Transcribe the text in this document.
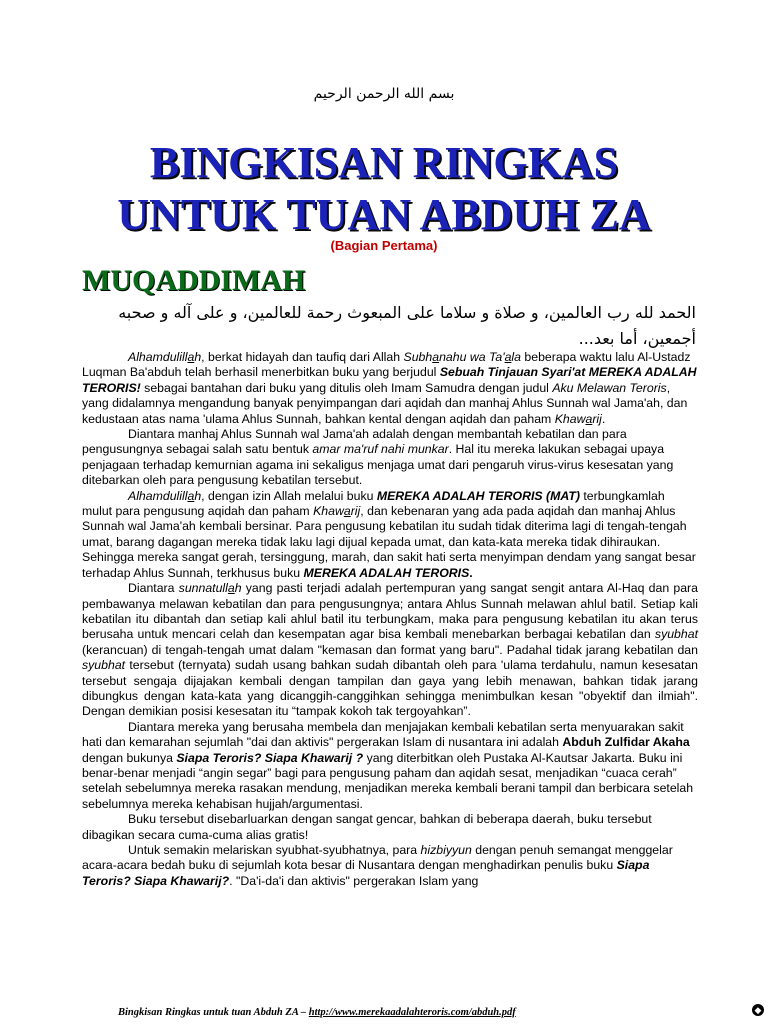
بسم الله الرحمن الرحيم
BINGKISAN RINGKAS
UNTUK TUAN ABDUH ZA
(Bagian Pertama)
MUQADDIMAH
الحمد لله رب العالمين، و صلاة و سلاما على المبعوث رحمة للعالمين، و على آله و صحبه أجمعين، أما بعد...

Alhamdulillah, berkat hidayah dan taufiq dari Allah Subhanahu wa Ta'ala beberapa waktu lalu Al-Ustadz Luqman Ba'abduh telah berhasil menerbitkan buku yang berjudul Sebuah Tinjauan Syari'at MEREKA ADALAH TERORIS! sebagai bantahan dari buku yang ditulis oleh Imam Samudra dengan judul Aku Melawan Teroris, yang didalamnya mengandung banyak penyimpangan dari aqidah dan manhaj Ahlus Sunnah wal Jama'ah, dan kedustaan atas nama 'ulama Ahlus Sunnah, bahkan kental dengan aqidah dan paham Khawarij.

Diantara manhaj Ahlus Sunnah wal Jama'ah adalah dengan membantah kebatilan dan para pengusungnya sebagai salah satu bentuk amar ma'ruf nahi munkar. Hal itu mereka lakukan sebagai upaya penjagaan terhadap kemurnian agama ini sekaligus menjaga umat dari pengaruh virus-virus kesesatan yang ditebarkan oleh para pengusung kebatilan tersebut.

Alhamdulillah, dengan izin Allah melalui buku MEREKA ADALAH TERORIS (MAT) terbungkamlah mulut para pengusung aqidah dan paham Khawarij, dan kebenaran yang ada pada aqidah dan manhaj Ahlus Sunnah wal Jama'ah kembali bersinar. Para pengusung kebatilan itu sudah tidak diterima lagi di tengah-tengah umat, barang dagangan mereka tidak laku lagi dijual kepada umat, dan kata-kata mereka tidak dihiraukan. Sehingga mereka sangat gerah, tersinggung, marah, dan sakit hati serta menyimpan dendam yang sangat besar terhadap Ahlus Sunnah, terkhusus buku MEREKA ADALAH TERORIS.

Diantara sunnatullah yang pasti terjadi adalah pertempuran yang sangat sengit antara Al-Haq dan para pembawanya melawan kebatilan dan para pengusungnya; antara Ahlus Sunnah melawan ahlul batil. Setiap kali kebatilan itu dibantah dan setiap kali ahlul batil itu terbungkam, maka para pengusung kebatilan itu akan terus berusaha untuk mencari celah dan kesempatan agar bisa kembali menebarkan berbagai kebatilan dan syubhat (kerancuan) di tengah-tengah umat dalam "kemasan dan format yang baru". Padahal tidak jarang kebatilan dan syubhat tersebut (ternyata) sudah usang bahkan sudah dibantah oleh para 'ulama terdahulu, namun kesesatan tersebut sengaja dijajakan kembali dengan tampilan dan gaya yang lebih menawan, bahkan tidak jarang dibungkus dengan kata-kata yang dicanggih-canggihkan sehingga menimbulkan kesan "obyektif dan ilmiah". Dengan demikian posisi kesesatan itu “tampak kokoh tak tergoyahkan”.

Diantara mereka yang berusaha membela dan menjajakan kembali kebatilan serta menyuarakan sakit hati dan kemarahan sejumlah "dai dan aktivis" pergerakan Islam di nusantara ini adalah Abduh Zulfidar Akaha dengan bukunya Siapa Teroris? Siapa Khawarij ? yang diterbitkan oleh Pustaka Al-Kautsar Jakarta. Buku ini benar-benar menjadi “angin segar” bagi para pengusung paham dan aqidah sesat, menjadikan “cuaca cerah” setelah sebelumnya mereka rasakan mendung, menjadikan mereka kembali berani tampil dan berbicara setelah sebelumnya mereka kehabisan hujjah/argumentasi.

Buku tersebut disebarluarkan dengan sangat gencar, bahkan di beberapa daerah, buku tersebut dibagikan secara cuma-cuma alias gratis!

Untuk semakin melariskan syubhat-syubhatnya, para hizbiyyun dengan penuh semangat menggelar acara-acara bedah buku di sejumlah kota besar di Nusantara dengan menghadirkan penulis buku Siapa Teroris? Siapa Khawarij?. "Da'i-da'i dan aktivis" pergerakan Islam yang

Bingkisan Ringkas untuk tuan Abduh ZA – http://www.merekaadalahteroris.com/abduh.pdf	◆
